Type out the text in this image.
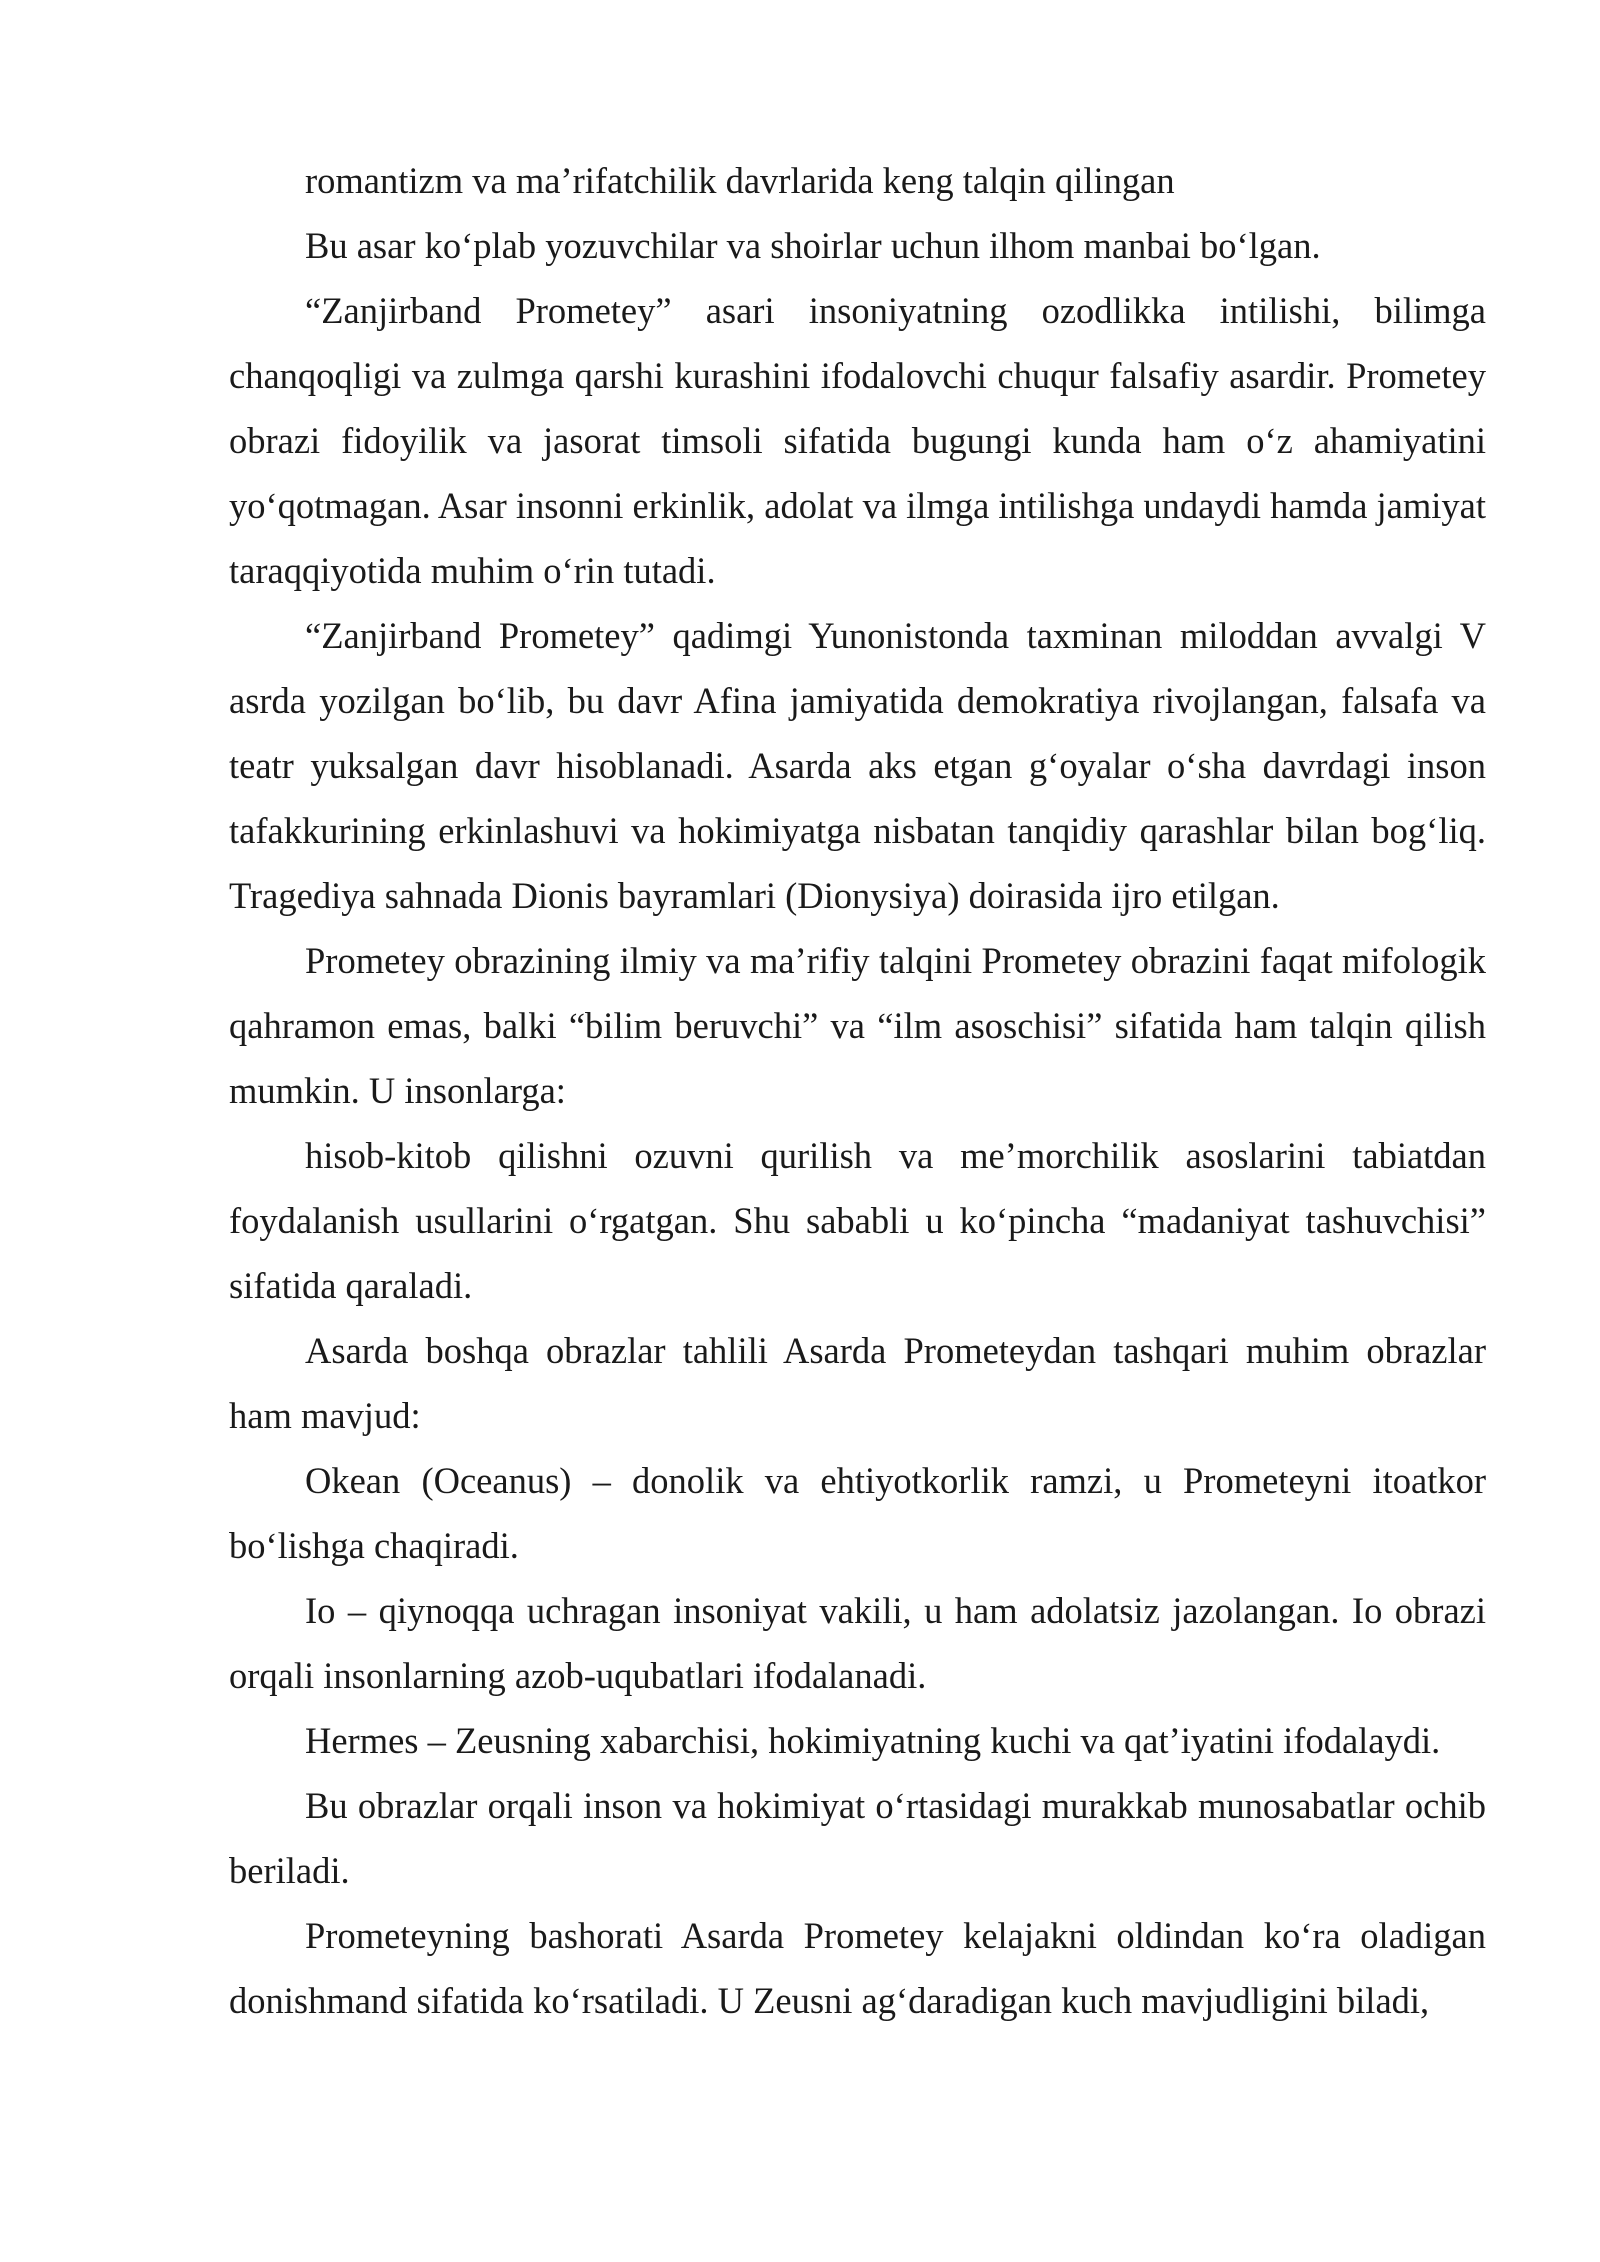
romantizm va ma’rifatchilik davrlarida keng talqin qilingan

Bu asar ko‘plab yozuvchilar va shoirlar uchun ilhom manbai bo‘lgan.

“Zanjirband Prometey” asari insoniyatning ozodlikka intilishi, bilimga chanqoqligi va zulmga qarshi kurashini ifodalovchi chuqur falsafiy asardir. Prometey obrazi fidoyilik va jasorat timsoli sifatida bugungi kunda ham o‘z ahamiyatini yo‘qotmagan. Asar insonni erkinlik, adolat va ilmga intilishga undaydi hamda jamiyat taraqqiyotida muhim o‘rin tutadi.

“Zanjirband Prometey” qadimgi Yunonistonda taxminan miloddan avvalgi V asrda yozilgan bo‘lib, bu davr Afina jamiyatida demokratiya rivojlangan, falsafa va teatr yuksalgan davr hisoblanadi. Asarda aks etgan g‘oyalar o‘sha davrdagi inson tafakkurining erkinlashuvi va hokimiyatga nisbatan tanqidiy qarashlar bilan bog‘liq. Tragediya sahnada Dionis bayramlari (Dionysiya) doirasida ijro etilgan.

Prometey obrazining ilmiy va ma’rifiy talqini Prometey obrazini faqat mifologik qahramon emas, balki “bilim beruvchi” va “ilm asoschisi” sifatida ham talqin qilish mumkin. U insonlarga:

hisob-kitob qilishni ozuvni qurilish va me’morchilik asoslarini tabiatdan foydalanish usullarini o‘rgatgan. Shu sababli u ko‘pincha “madaniyat tashuvchisi” sifatida qaraladi.

Asarda boshqa obrazlar tahlili Asarda Prometeydan tashqari muhim obrazlar ham mavjud:

Okean (Oceanus) – donolik va ehtiyotkorlik ramzi, u Prometeyni itoatkor bo‘lishga chaqiradi.

Io – qiynoqqa uchragan insoniyat vakili, u ham adolatsiz jazolangan. Io obrazi orqali insonlarning azob-uqubatlari ifodalanadi.

Hermes – Zeusning xabarchisi, hokimiyatning kuchi va qat’iyatini ifodalaydi.

Bu obrazlar orqali inson va hokimiyat o‘rtasidagi murakkab munosabatlar ochib beriladi.

Prometeyning bashorati Asarda Prometey kelajakni oldindan ko‘ra oladigan donishmand sifatida ko‘rsatiladi. U Zeusni ag‘daradigan kuch mavjudligini biladi,
